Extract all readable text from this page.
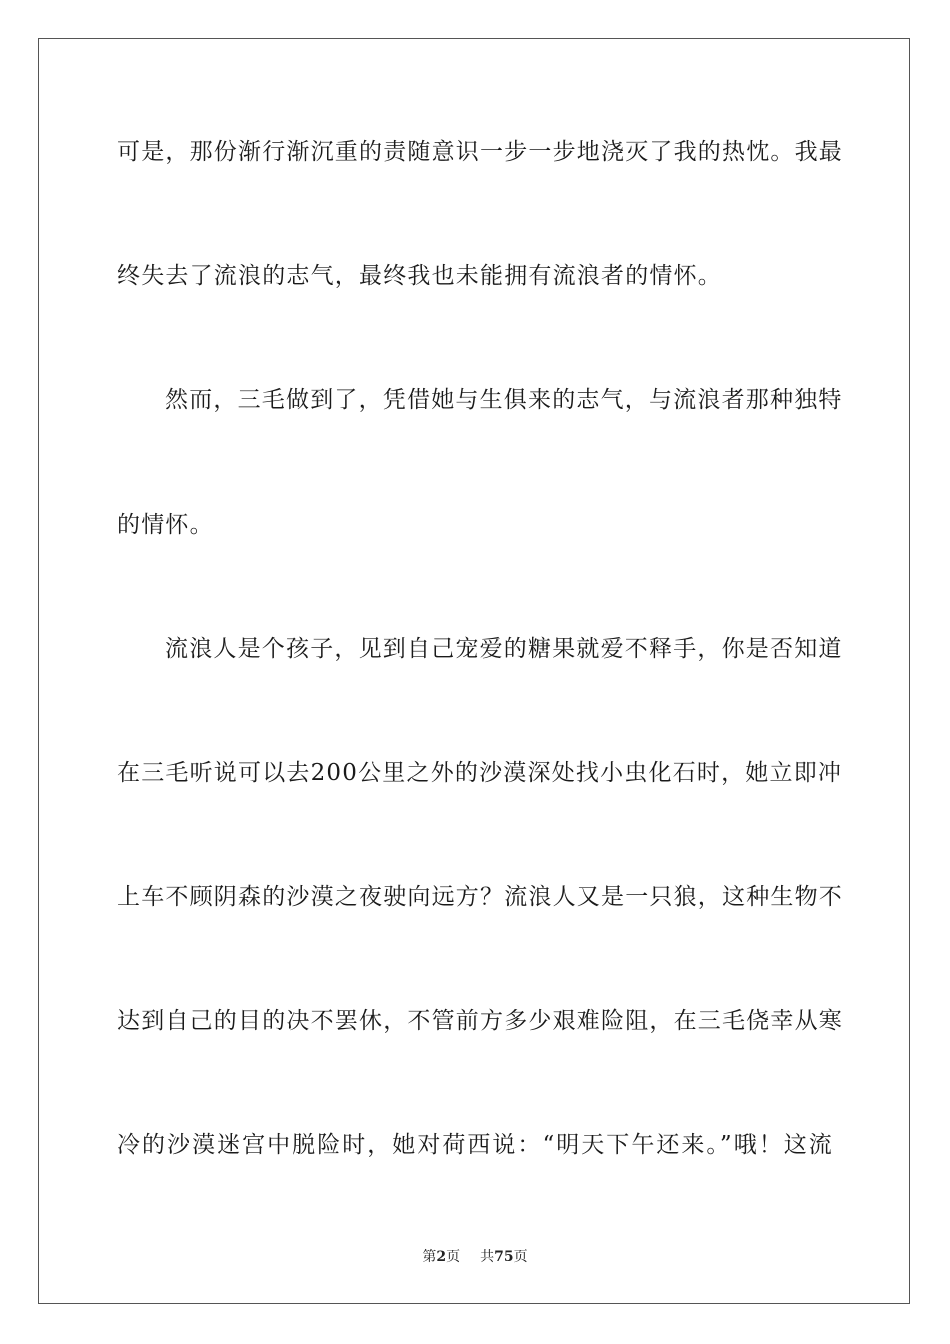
可是，那份渐行渐沉重的责随意识一步一步地浇灭了我的热忱。我最
终失去了流浪的志气，最终我也未能拥有流浪者的情怀。
然而，三毛做到了，凭借她与生俱来的志气，与流浪者那种独特
的情怀。
流浪人是个孩子，见到自己宠爱的糖果就爱不释手，你是否知道
在三毛听说可以去200公里之外的沙漠深处找小虫化石时，她立即冲
上车不顾阴森的沙漠之夜驶向远方？流浪人又是一只狼，这种生物不
达到自己的目的决不罢休，不管前方多少艰难险阻，在三毛侥幸从寒
冷的沙漠迷宫中脱险时，她对荷西说：“明天下午还来。”哦！这流
第2页 共75页
